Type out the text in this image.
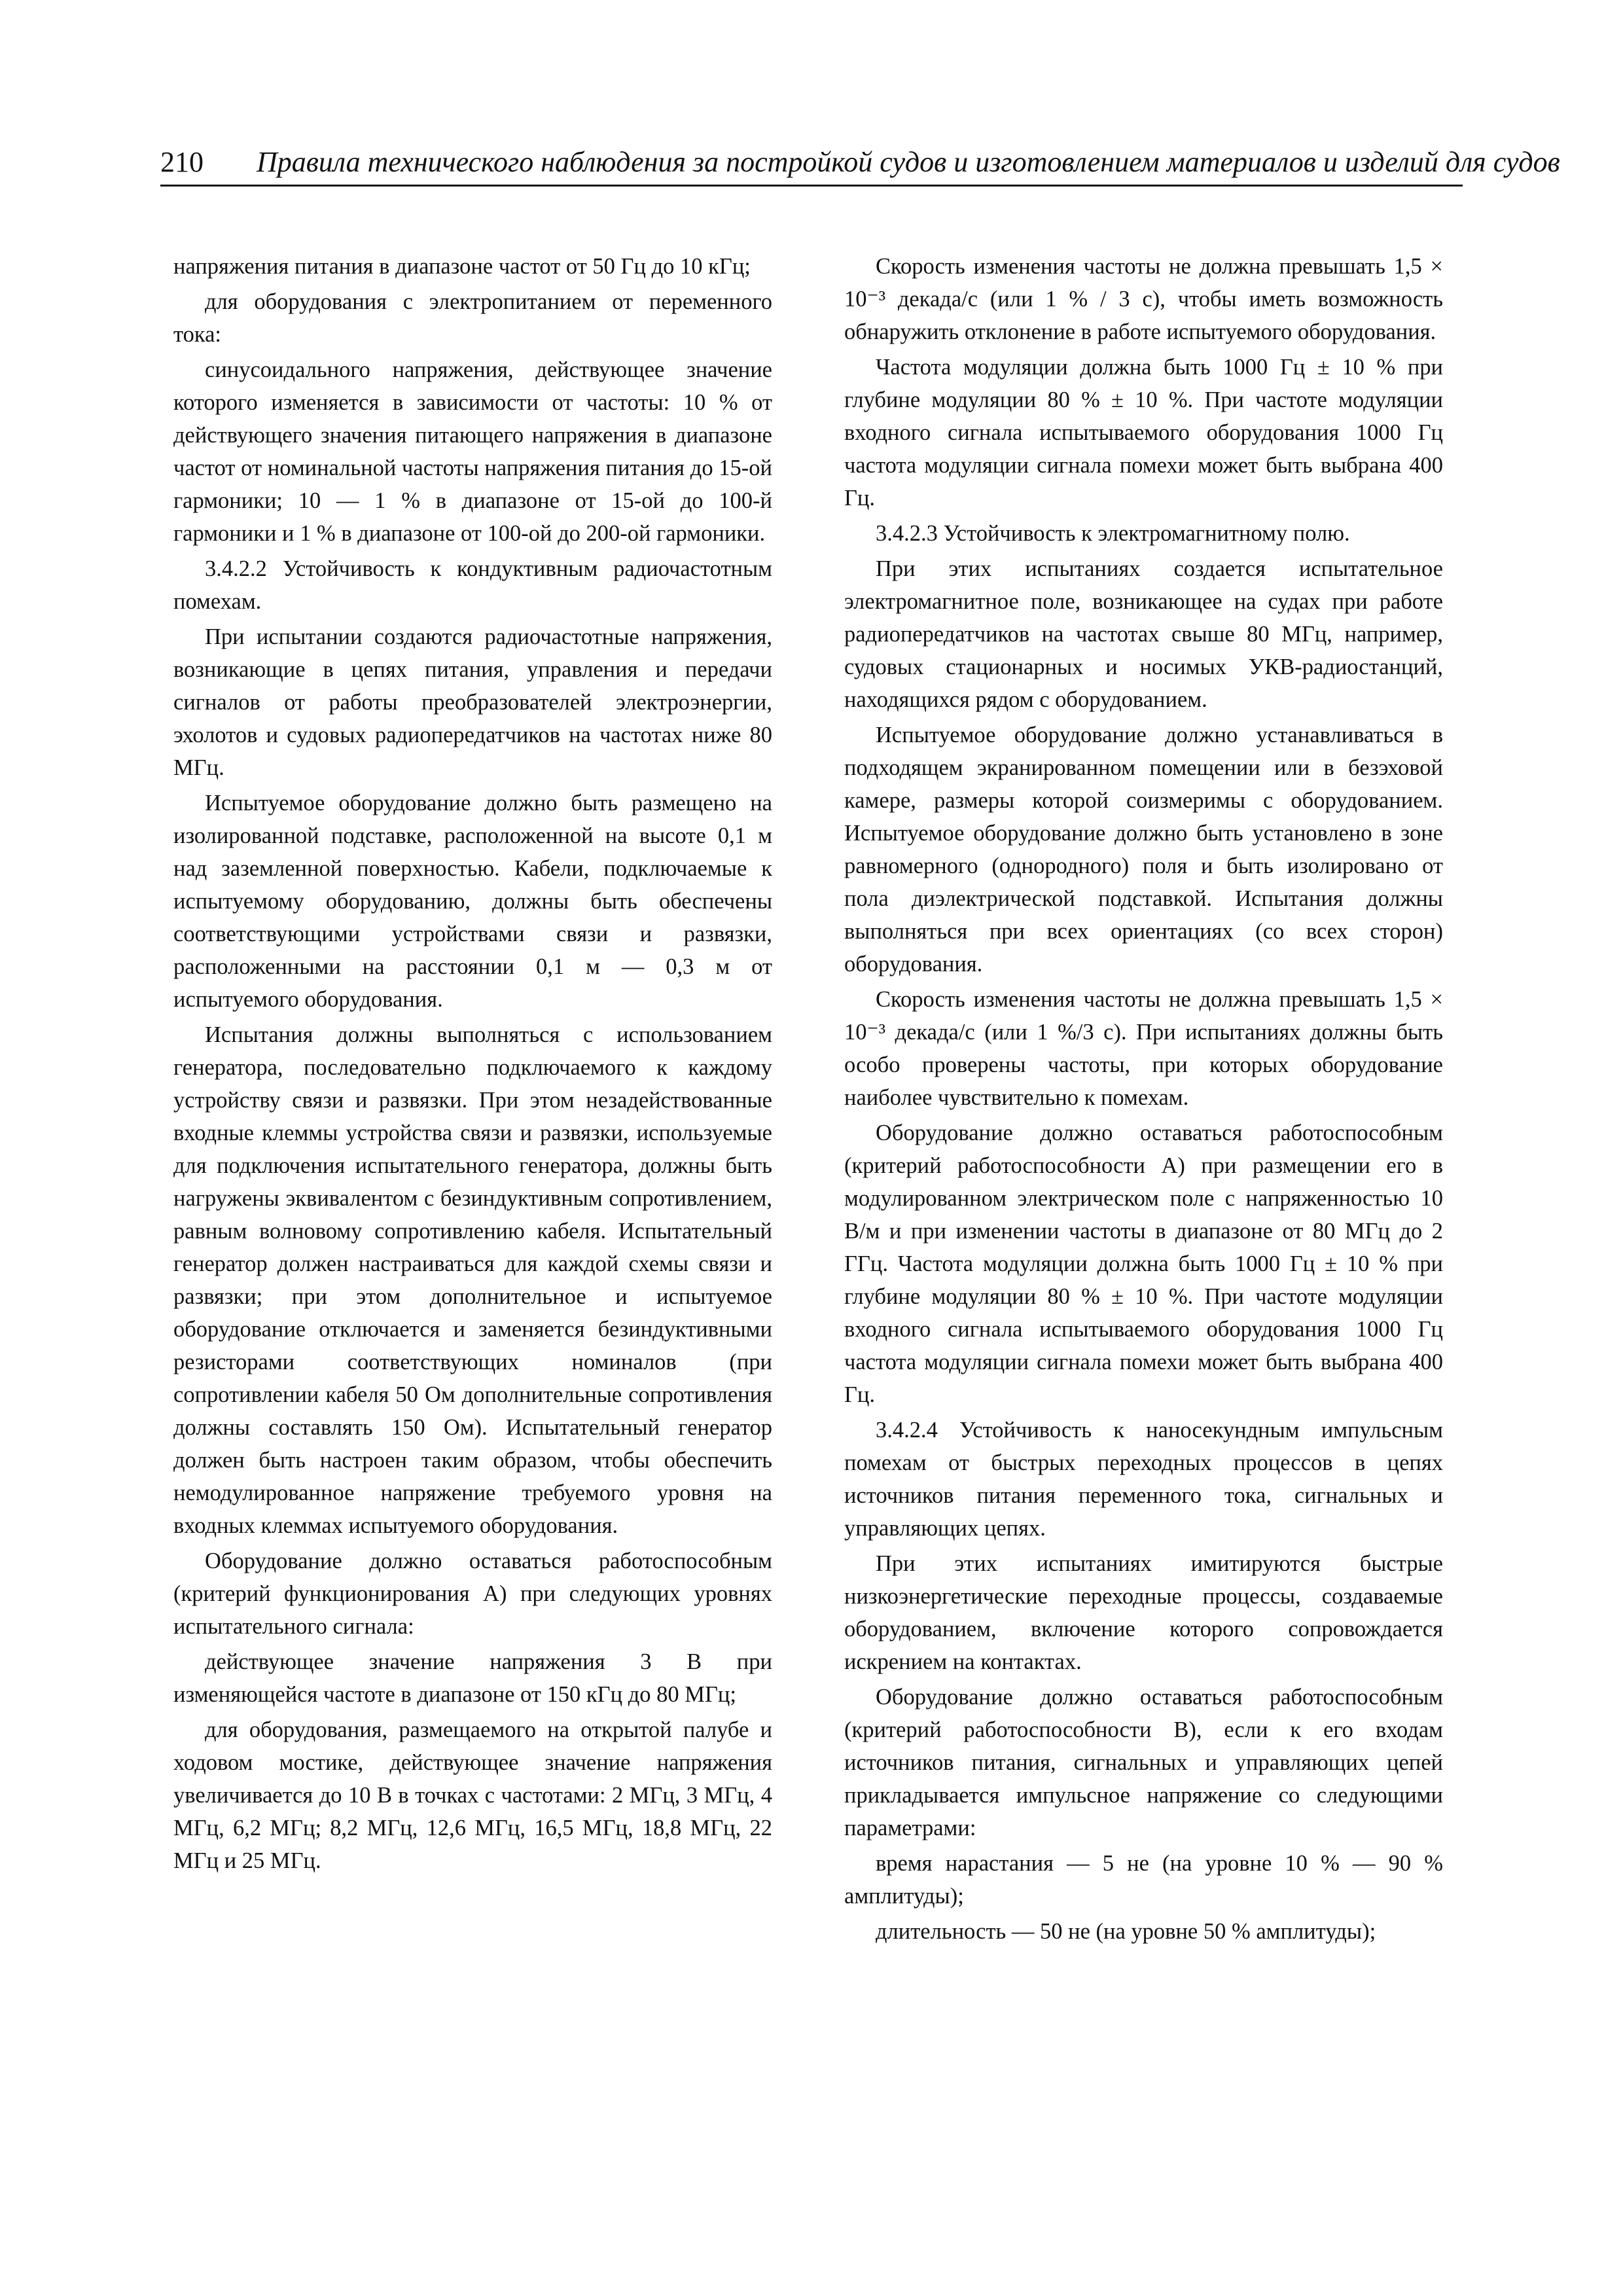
210 Правила технического наблюдения за постройкой судов и изготовлением материалов и изделий для судов

напряжения питания в диапазоне частот от 50 Гц до 10 кГц;

для оборудования с электропитанием от переменного тока:

синусоидального напряжения, действующее значение которого изменяется в зависимости от частоты: 10 % от действующего значения питающего напряжения в диапазоне частот от номинальной частоты напряжения питания до 15-ой гармоники; 10 — 1 % в диапазоне от 15-ой до 100-й гармоники и 1 % в диапазоне от 100-ой до 200-ой гармоники.

3.4.2.2 Устойчивость к кондуктивным радиочастотным помехам.

При испытании создаются радиочастотные напряжения, возникающие в цепях питания, управления и передачи сигналов от работы преобразователей электроэнергии, эхолотов и судовых радиопередатчиков на частотах ниже 80 МГц.

Испытуемое оборудование должно быть размещено на изолированной подставке, расположенной на высоте 0,1 м над заземленной поверхностью. Кабели, подключаемые к испытуемому оборудованию, должны быть обеспечены соответствующими устройствами связи и развязки, расположенными на расстоянии 0,1 м — 0,3 м от испытуемого оборудования.

Испытания должны выполняться с использованием генератора, последовательно подключаемого к каждому устройству связи и развязки. При этом незадействованные входные клеммы устройства связи и развязки, используемые для подключения испытательного генератора, должны быть нагружены эквивалентом с безиндуктивным сопротивлением, равным волновому сопротивлению кабеля. Испытательный генератор должен настраиваться для каждой схемы связи и развязки; при этом дополнительное и испытуемое оборудование отключается и заменяется безиндуктивными резисторами соответствующих номиналов (при сопротивлении кабеля 50 Ом дополнительные сопротивления должны составлять 150 Ом). Испытательный генератор должен быть настроен таким образом, чтобы обеспечить немодулированное напряжение требуемого уровня на входных клеммах испытуемого оборудования.

Оборудование должно оставаться работоспособным (критерий функционирования А) при следующих уровнях испытательного сигнала:

действующее значение напряжения 3 В при изменяющейся частоте в диапазоне от 150 кГц до 80 МГц;

для оборудования, размещаемого на открытой палубе и ходовом мостике, действующее значение напряжения увеличивается до 10 В в точках с частотами: 2 МГц, 3 МГц, 4 МГц, 6,2 МГц; 8,2 МГц, 12,6 МГц, 16,5 МГц, 18,8 МГц, 22 МГц и 25 МГц.

Скорость изменения частоты не должна превышать 1,5 × 10⁻³ декада/с (или 1 % / 3 с), чтобы иметь возможность обнаружить отклонение в работе испытуемого оборудования.

Частота модуляции должна быть 1000 Гц ± 10 % при глубине модуляции 80 % ± 10 %. При частоте модуляции входного сигнала испытываемого оборудования 1000 Гц частота модуляции сигнала помехи может быть выбрана 400 Гц.

3.4.2.3 Устойчивость к электромагнитному полю.

При этих испытаниях создается испытательное электромагнитное поле, возникающее на судах при работе радиопередатчиков на частотах свыше 80 МГц, например, судовых стационарных и носимых УКВ-радиостанций, находящихся рядом с оборудованием.

Испытуемое оборудование должно устанавливаться в подходящем экранированном помещении или в безэховой камере, размеры которой соизмеримы с оборудованием. Испытуемое оборудование должно быть установлено в зоне равномерного (однородного) поля и быть изолировано от пола диэлектрической подставкой. Испытания должны выполняться при всех ориентациях (со всех сторон) оборудования.

Скорость изменения частоты не должна превышать 1,5 × 10⁻³ декада/с (или 1 %/3 с). При испытаниях должны быть особо проверены частоты, при которых оборудование наиболее чувствительно к помехам.

Оборудование должно оставаться работоспособным (критерий работоспособности А) при размещении его в модулированном электрическом поле с напряженностью 10 В/м и при изменении частоты в диапазоне от 80 МГц до 2 ГГц. Частота модуляции должна быть 1000 Гц ± 10 % при глубине модуляции 80 % ± 10 %. При частоте модуляции входного сигнала испытываемого оборудования 1000 Гц частота модуляции сигнала помехи может быть выбрана 400 Гц.

3.4.2.4 Устойчивость к наносекундным импульсным помехам от быстрых переходных процессов в цепях источников питания переменного тока, сигнальных и управляющих цепях.

При этих испытаниях имитируются быстрые низкоэнергетические переходные процессы, создаваемые оборудованием, включение которого сопровождается искрением на контактах.

Оборудование должно оставаться работоспособным (критерий работоспособности В), если к его входам источников питания, сигнальных и управляющих цепей прикладывается импульсное напряжение со следующими параметрами:

время нарастания — 5 не (на уровне 10 % — 90 % амплитуды);

длительность — 50 не (на уровне 50 % амплитуды);
